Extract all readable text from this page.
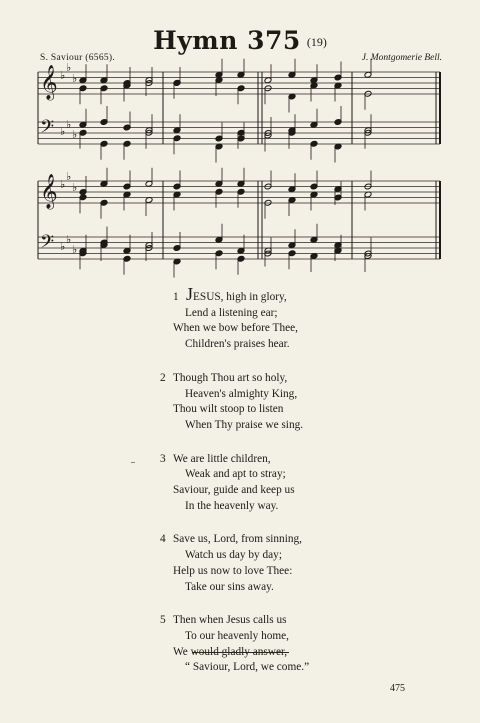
Hymn 375 (19)
S. Saviour (6565).	J. Montgomerie Bell.
𝄞 ♭
♭
♭
𝄢 ♭
♭
♭
𝄞 ♭
♭
♭
𝄢 ♭
♭
♭
1 JESUS, high in glory,
Lend a listening ear;
When we bow before Thee,
Children's praises hear.
2 Though Thou art so holy,
Heaven's almighty King,
Thou wilt stoop to listen
When Thy praise we sing.
3 We are little children,
Weak and apt to stray;
Saviour, guide and keep us
In the heavenly way.
4 Save us, Lord, from sinning,
Watch us day by day;
Help us now to love Thee:
Take our sins away.
5 Then when Jesus calls us
To our heavenly home,
We would gladly answer,
“ Saviour, Lord, we come.”
475
